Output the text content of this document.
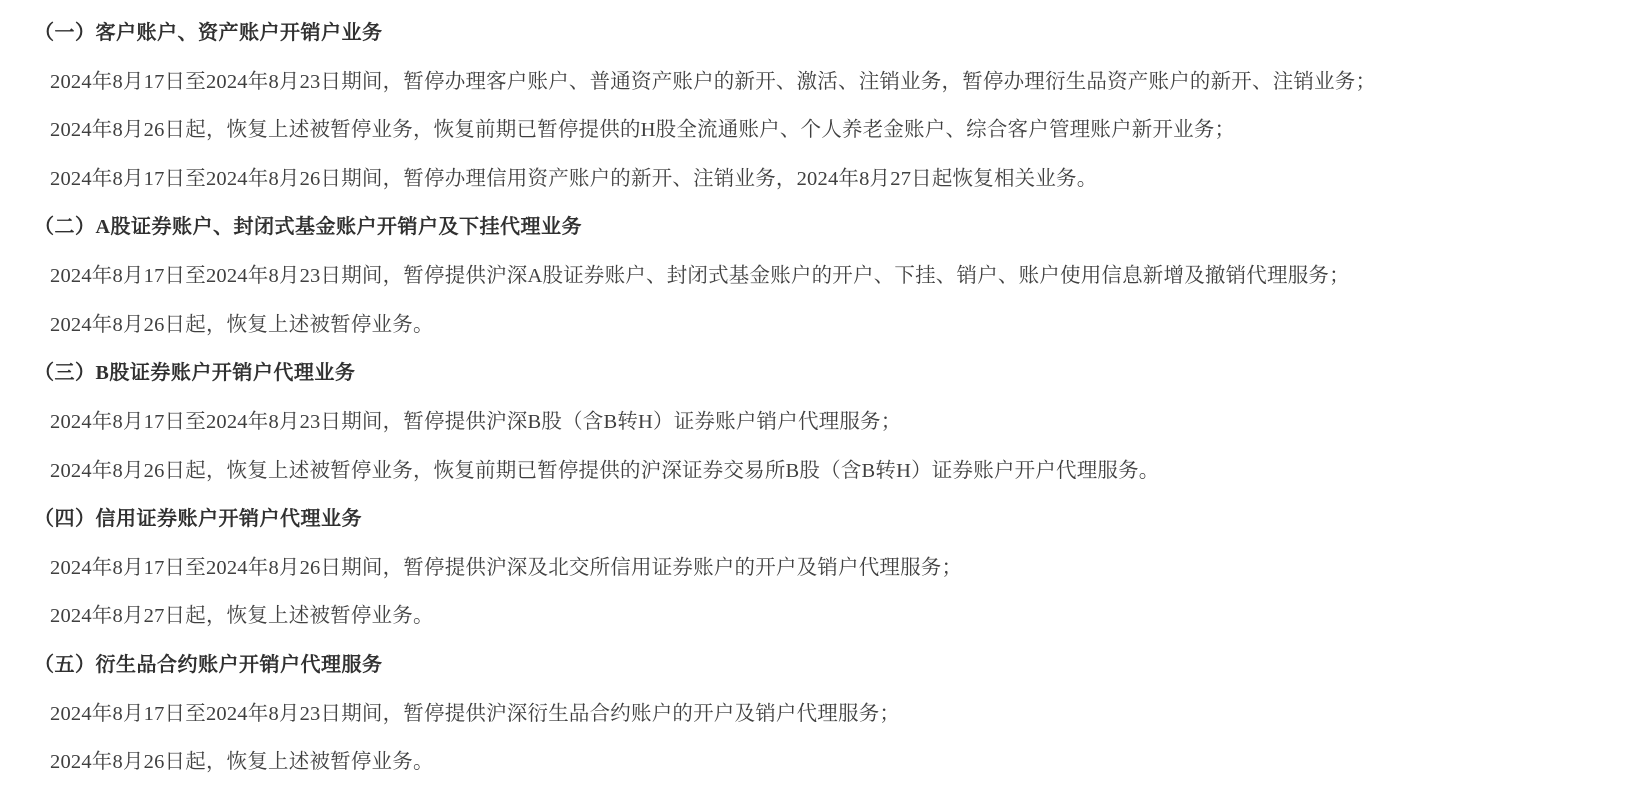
（一）客户账户、资产账户开销户业务
2024年8月17日至2024年8月23日期间，暂停办理客户账户、普通资产账户的新开、激活、注销业务，暂停办理衍生品资产账户的新开、注销业务；
2024年8月26日起，恢复上述被暂停业务，恢复前期已暂停提供的H股全流通账户、个人养老金账户、综合客户管理账户新开业务；
2024年8月17日至2024年8月26日期间，暂停办理信用资产账户的新开、注销业务，2024年8月27日起恢复相关业务。
（二）A股证券账户、封闭式基金账户开销户及下挂代理业务
2024年8月17日至2024年8月23日期间，暂停提供沪深A股证券账户、封闭式基金账户的开户、下挂、销户、账户使用信息新增及撤销代理服务；
2024年8月26日起，恢复上述被暂停业务。
（三）B股证券账户开销户代理业务
2024年8月17日至2024年8月23日期间，暂停提供沪深B股（含B转H）证券账户销户代理服务；
2024年8月26日起，恢复上述被暂停业务，恢复前期已暂停提供的沪深证券交易所B股（含B转H）证券账户开户代理服务。
（四）信用证券账户开销户代理业务
2024年8月17日至2024年8月26日期间，暂停提供沪深及北交所信用证券账户的开户及销户代理服务；
2024年8月27日起，恢复上述被暂停业务。
（五）衍生品合约账户开销户代理服务
2024年8月17日至2024年8月23日期间，暂停提供沪深衍生品合约账户的开户及销户代理服务；
2024年8月26日起，恢复上述被暂停业务。
